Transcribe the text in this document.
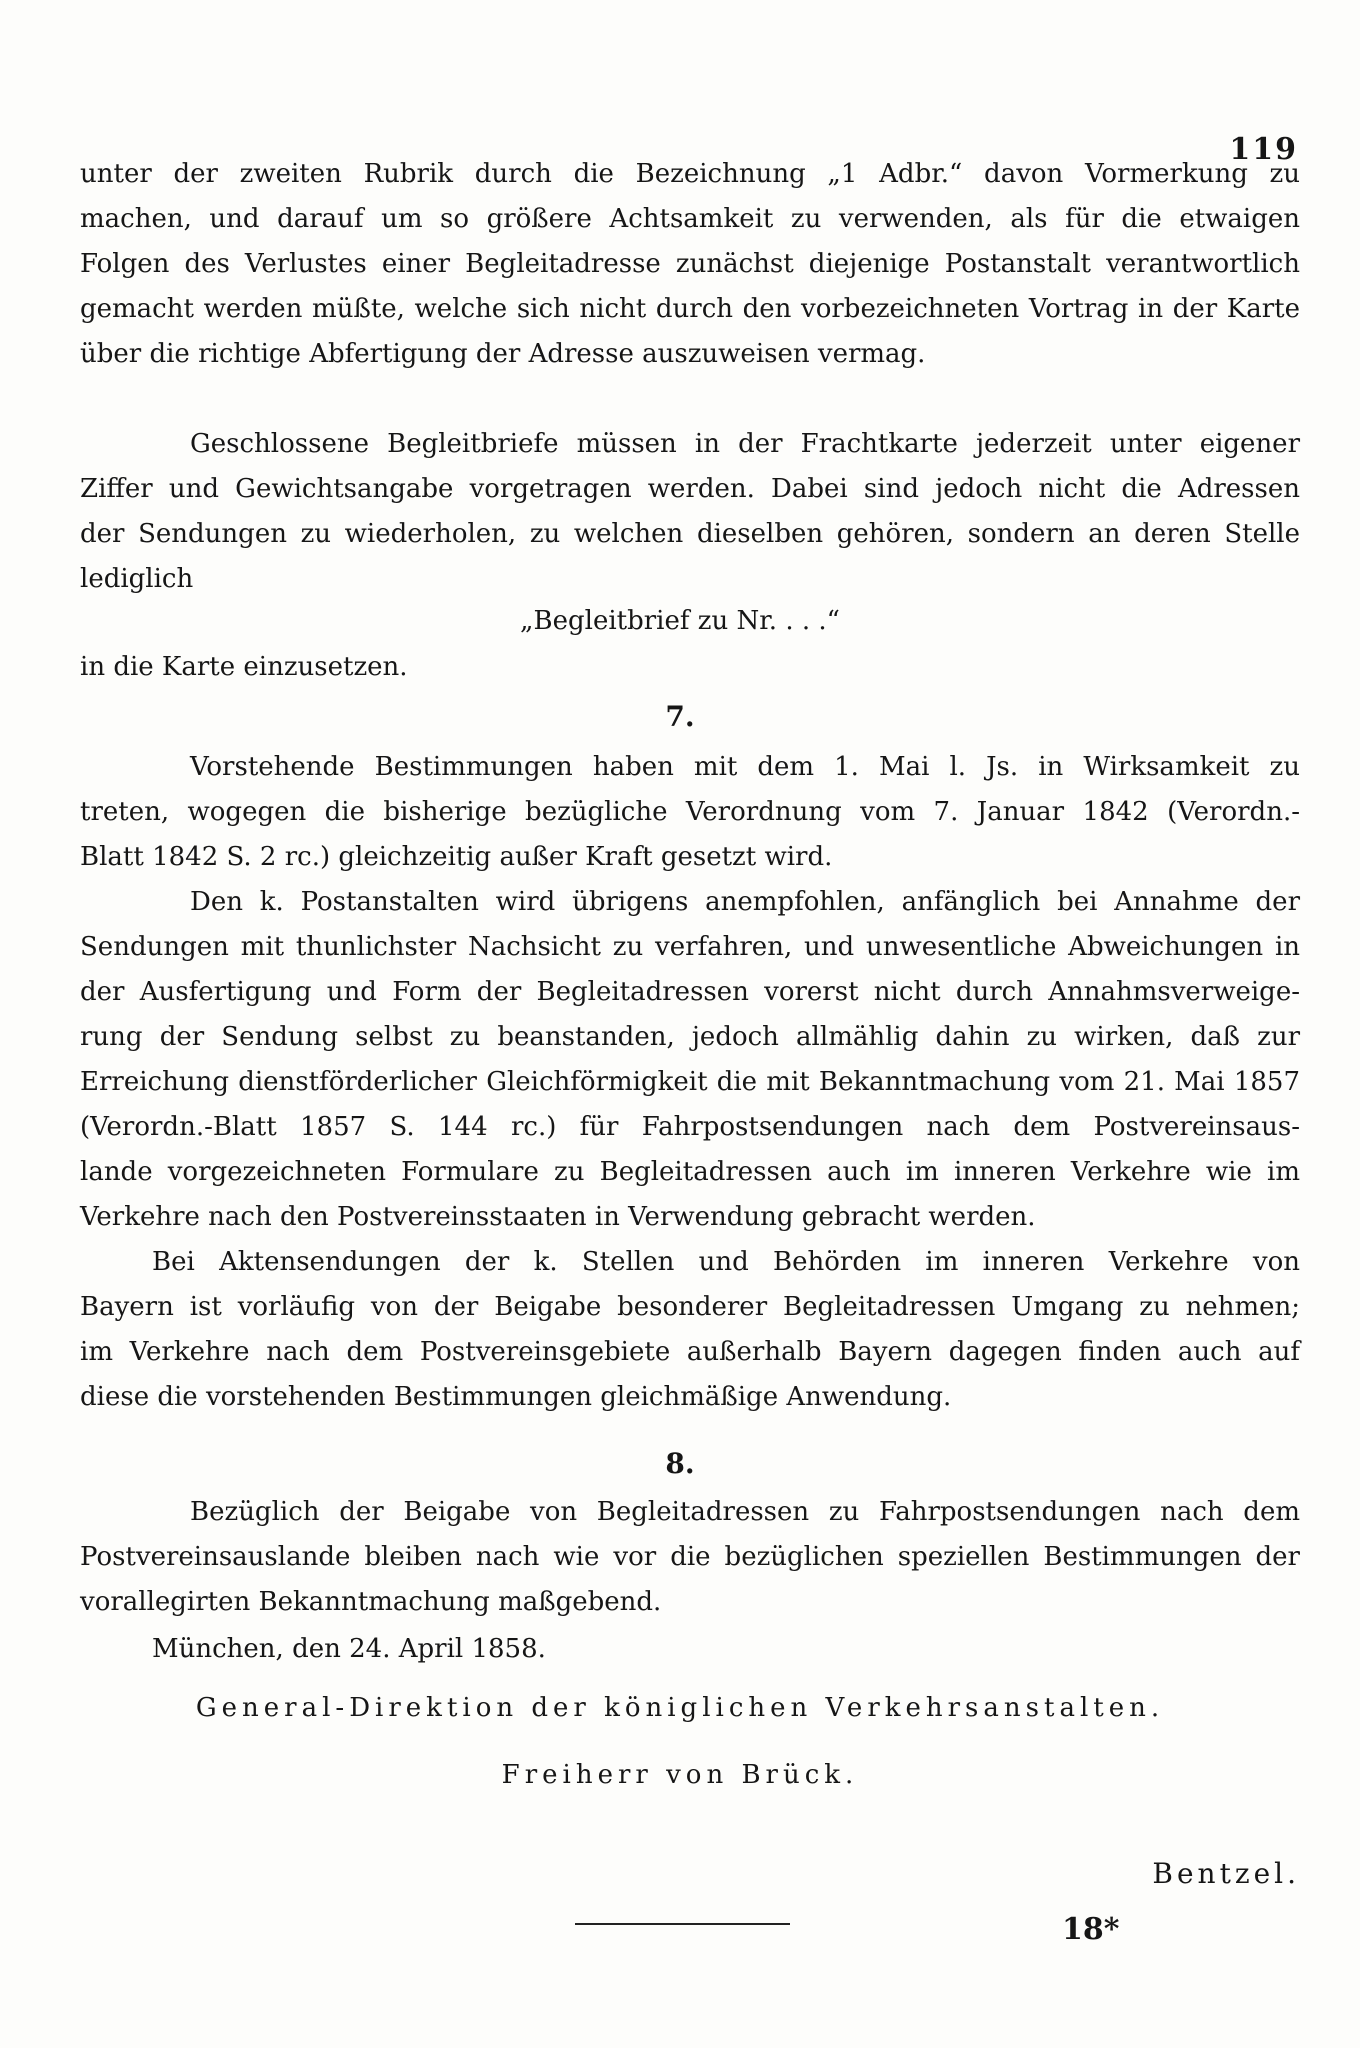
119
unter der zweiten Rubrik durch die Bezeichnung „1 Adbr.“ davon Vormerkung zu
machen, und darauf um so größere Achtsamkeit zu verwenden, als für die etwaigen
Folgen des Verlustes einer Begleitadresse zunächst diejenige Postanstalt verantwortlich
gemacht werden müßte, welche sich nicht durch den vorbezeichneten Vortrag in der Karte
über die richtige Abfertigung der Adresse auszuweisen vermag.
Geschlossene Begleitbriefe müssen in der Frachtkarte jederzeit unter eigener
Ziffer und Gewichtsangabe vorgetragen werden. Dabei sind jedoch nicht die Adressen
der Sendungen zu wiederholen, zu welchen dieselben gehören, sondern an deren Stelle
lediglich
„Begleitbrief zu Nr. . . .“
in die Karte einzusetzen.
7.
Vorstehende Bestimmungen haben mit dem 1. Mai l. Js. in Wirksamkeit zu
treten, wogegen die bisherige bezügliche Verordnung vom 7. Januar 1842 (Verordn.-
Blatt 1842 S. 2 rc.) gleichzeitig außer Kraft gesetzt wird.
Den k. Postanstalten wird übrigens anempfohlen, anfänglich bei Annahme der
Sendungen mit thunlichster Nachsicht zu verfahren, und unwesentliche Abweichungen in
der Ausfertigung und Form der Begleitadressen vorerst nicht durch Annahmsverweige-
rung der Sendung selbst zu beanstanden, jedoch allmählig dahin zu wirken, daß zur
Erreichung dienstförderlicher Gleichförmigkeit die mit Bekanntmachung vom 21. Mai 1857
(Verordn.-Blatt 1857 S. 144 rc.) für Fahrpostsendungen nach dem Postvereinsaus-
lande vorgezeichneten Formulare zu Begleitadressen auch im inneren Verkehre wie im
Verkehre nach den Postvereinsstaaten in Verwendung gebracht werden.
Bei Aktensendungen der k. Stellen und Behörden im inneren Verkehre von
Bayern ist vorläufig von der Beigabe besonderer Begleitadressen Umgang zu nehmen;
im Verkehre nach dem Postvereinsgebiete außerhalb Bayern dagegen finden auch auf
diese die vorstehenden Bestimmungen gleichmäßige Anwendung.
8.
Bezüglich der Beigabe von Begleitadressen zu Fahrpostsendungen nach dem
Postvereinsauslande bleiben nach wie vor die bezüglichen speziellen Bestimmungen der
vorallegirten Bekanntmachung maßgebend.
München, den 24. April 1858.
General-Direktion der königlichen Verkehrsanstalten.
Freiherr von Brück.
Bentzel.
18*
